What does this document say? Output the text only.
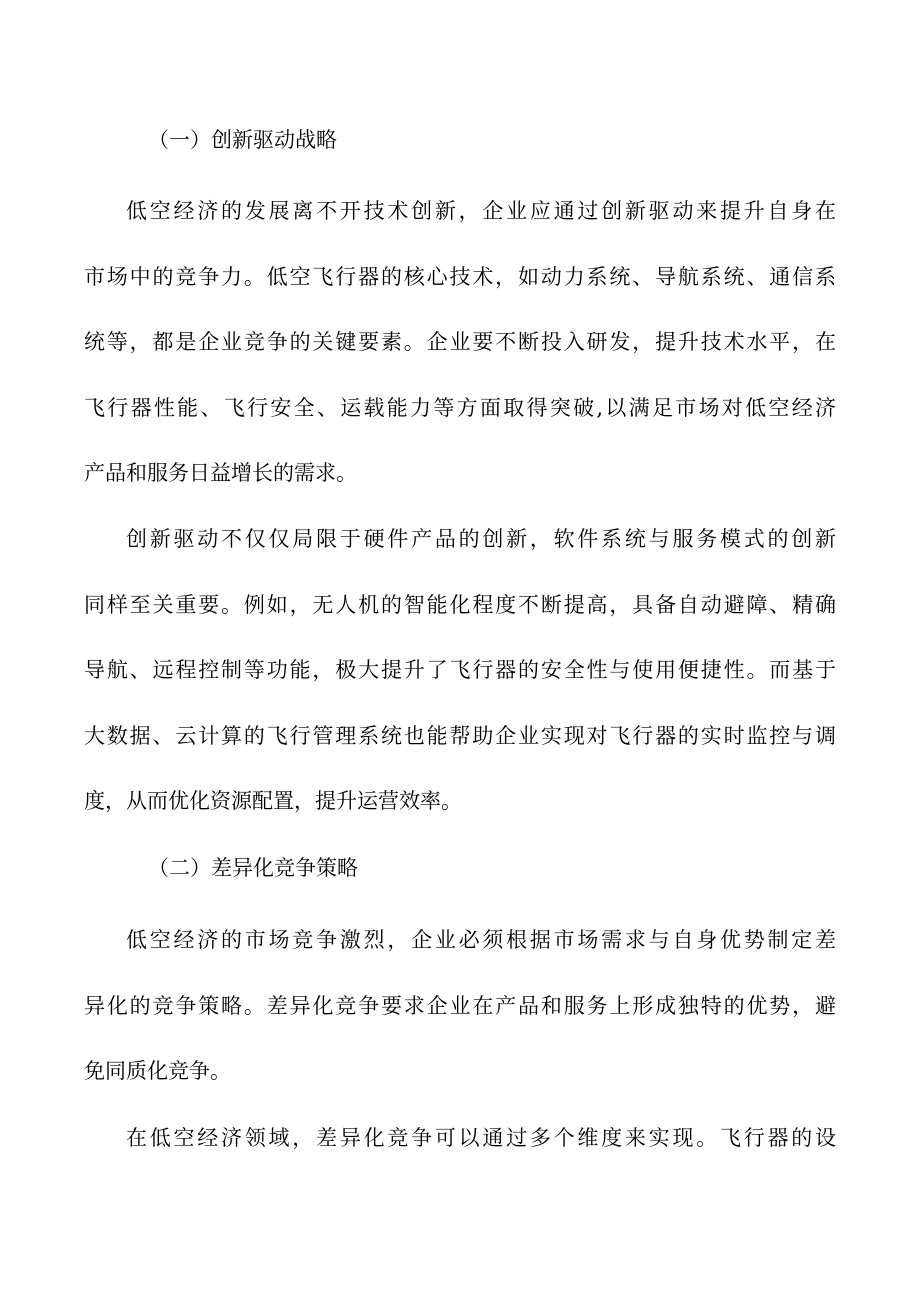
（一）创新驱动战略
低空经济的发展离不开技术创新，企业应通过创新驱动来提升自身在
市场中的竞争力。低空飞行器的核心技术，如动力系统、导航系统、通信系
统等，都是企业竞争的关键要素。企业要不断投入研发，提升技术水平，在
飞行器性能、飞行安全、运载能力等方面取得突破,以满足市场对低空经济
产品和服务日益增长的需求。
创新驱动不仅仅局限于硬件产品的创新，软件系统与服务模式的创新
同样至关重要。例如，无人机的智能化程度不断提高，具备自动避障、精确
导航、远程控制等功能，极大提升了飞行器的安全性与使用便捷性。而基于
大数据、云计算的飞行管理系统也能帮助企业实现对飞行器的实时监控与调
度，从而优化资源配置，提升运营效率。
（二）差异化竞争策略
低空经济的市场竞争激烈，企业必须根据市场需求与自身优势制定差
异化的竞争策略。差异化竞争要求企业在产品和服务上形成独特的优势，避
免同质化竞争。
在低空经济领域，差异化竞争可以通过多个维度来实现。飞行器的设
